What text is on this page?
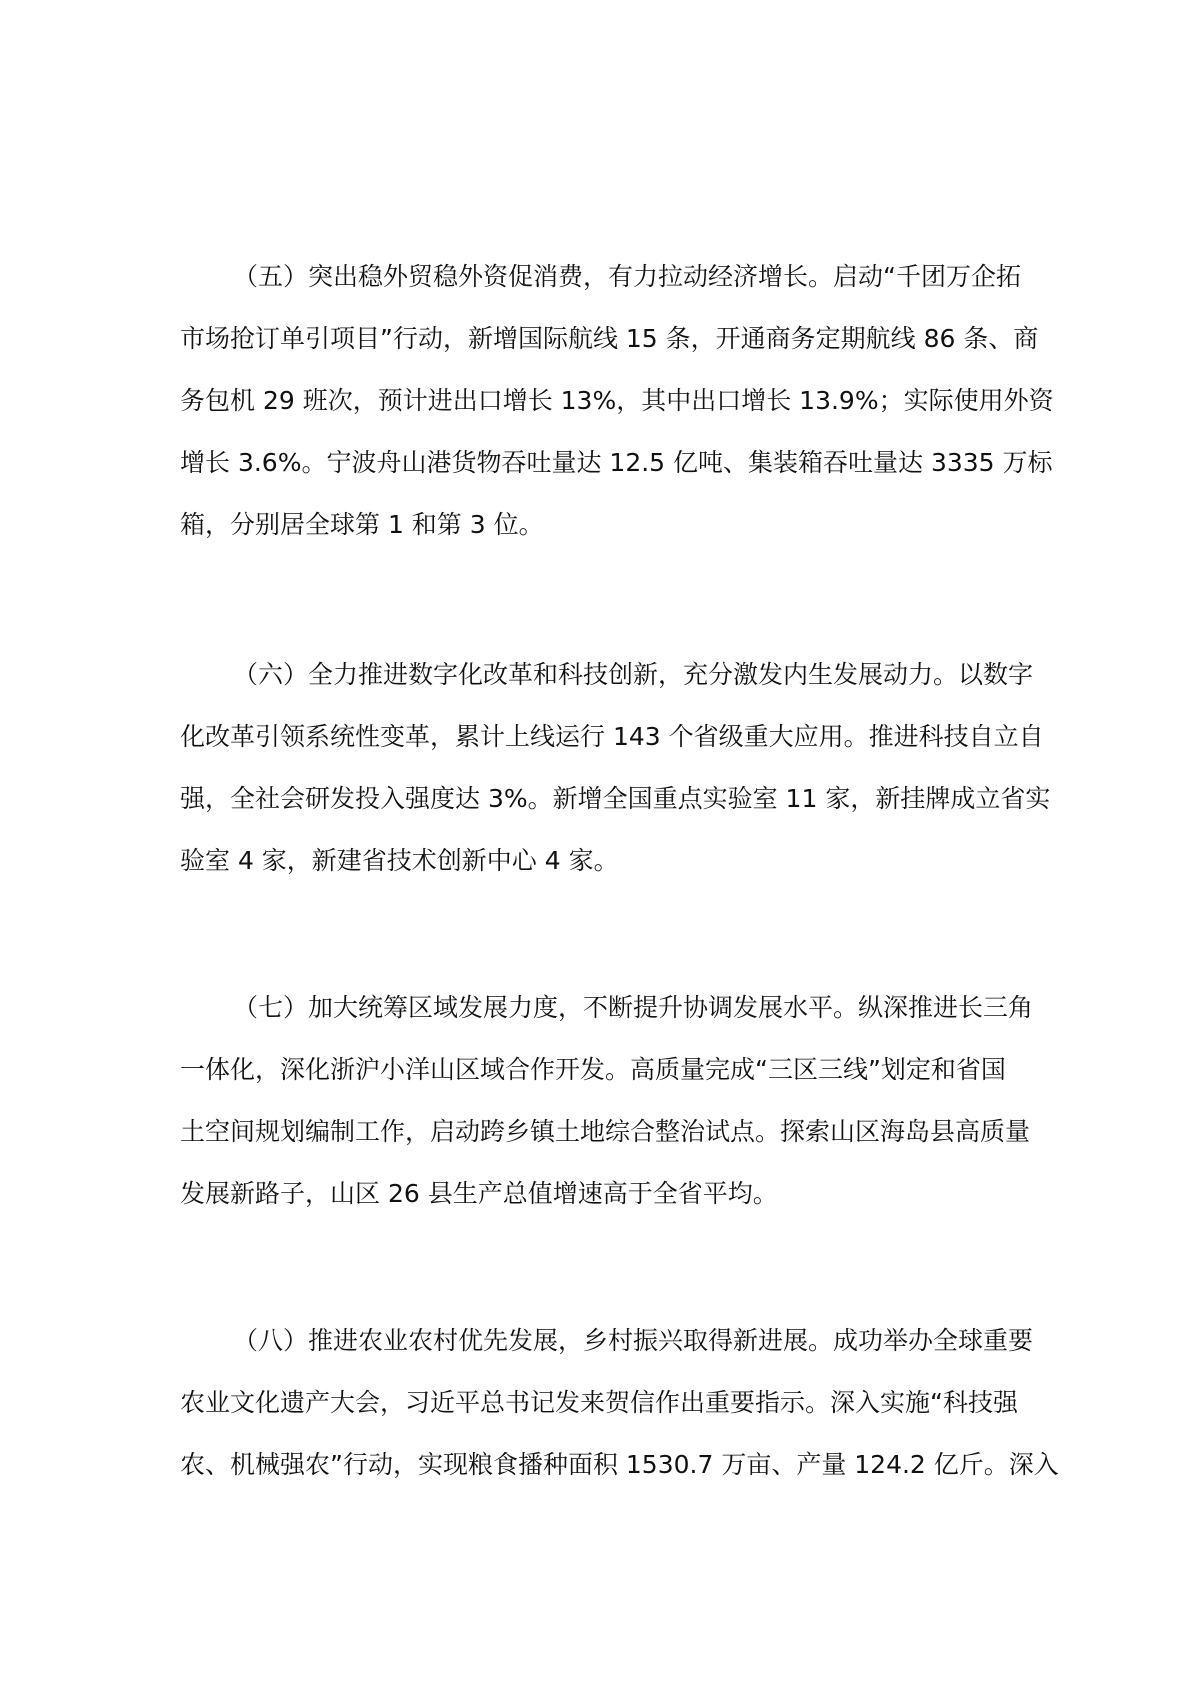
（五）突出稳外贸稳外资促消费，有力拉动经济增长。启动“千团万企拓
市场抢订单引项目”行动，新增国际航线 15 条，开通商务定期航线 86 条、商
务包机 29 班次，预计进出口增长 13%，其中出口增长 13.9%；实际使用外资
增长 3.6%。宁波舟山港货物吞吐量达 12.5 亿吨、集装箱吞吐量达 3335 万标
箱，分别居全球第 1 和第 3 位。
（六）全力推进数字化改革和科技创新，充分激发内生发展动力。以数字
化改革引领系统性变革，累计上线运行 143 个省级重大应用。推进科技自立自
强，全社会研发投入强度达 3%。新增全国重点实验室 11 家，新挂牌成立省实
验室 4 家，新建省技术创新中心 4 家。
（七）加大统筹区域发展力度，不断提升协调发展水平。纵深推进长三角
一体化，深化浙沪小洋山区域合作开发。高质量完成“三区三线”划定和省国
土空间规划编制工作，启动跨乡镇土地综合整治试点。探索山区海岛县高质量
发展新路子，山区 26 县生产总值增速高于全省平均。
（八）推进农业农村优先发展，乡村振兴取得新进展。成功举办全球重要
农业文化遗产大会，习近平总书记发来贺信作出重要指示。深入实施“科技强
农、机械强农”行动，实现粮食播种面积 1530.7 万亩、产量 124.2 亿斤。深入
